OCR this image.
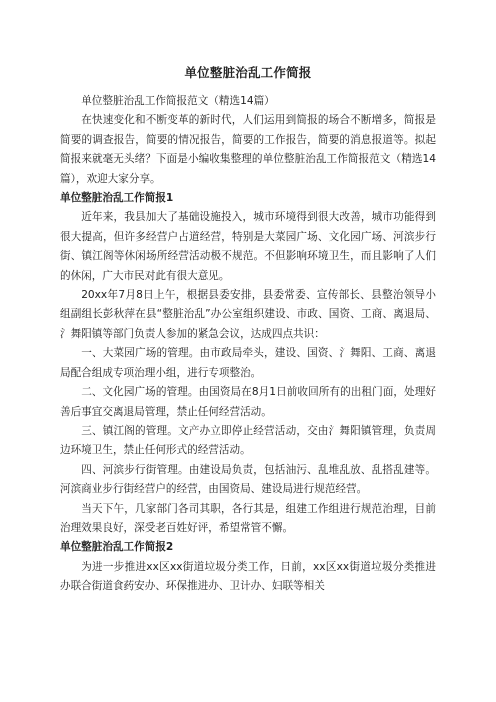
单位整脏治乱工作简报

单位整脏治乱工作简报范文（精选14篇）

在快速变化和不断变革的新时代，人们运用到简报的场合不断增多，简报是简要的调查报告，简要的情况报告，简要的工作报告，简要的消息报道等。拟起简报来就毫无头绪？下面是小编收集整理的单位整脏治乱工作简报范文（精选14篇），欢迎大家分享。

单位整脏治乱工作简报1

近年来，我县加大了基础设施投入，城市环境得到很大改善，城市功能得到很大提高，但许多经营户占道经营，特别是大菜园广场、文化园广场、河滨步行街、镇江阁等休闲场所经营活动极不规范。不但影响环境卫生，而且影响了人们的休闲，广大市民对此有很大意见。

20xx年7月8日上午，根据县委安排，县委常委、宣传部长、县整治领导小组副组长彭秋萍在县“整脏治乱”办公室组织建设、市政、国资、工商、离退局、氵舞阳镇等部门负责人参加的紧急会议，达成四点共识：

一、大菜园广场的管理。由市政局牵头，建设、国资、氵舞阳、工商、离退局配合组成专项治理小组，进行专项整治。

二、文化园广场的管理。由国资局在8月1日前收回所有的出租门面，处理好善后事宜交离退局管理，禁止任何经营活动。

三、镇江阁的管理。文产办立即停止经营活动，交由氵舞阳镇管理，负责周边环境卫生，禁止任何形式的经营活动。

四、河滨步行街管理。由建设局负责，包括油污、乱堆乱放、乱搭乱建等。河滨商业步行街经营户的经营，由国资局、建设局进行规范经营。

当天下午，几家部门各司其职，各行其是，组建工作组进行规范治理，目前治理效果良好，深受老百姓好评，希望常管不懈。

单位整脏治乱工作简报2

为进一步推进xx区xx街道垃圾分类工作，日前，xx区xx街道垃圾分类推进办联合街道食药安办、环保推进办、卫计办、妇联等相关
